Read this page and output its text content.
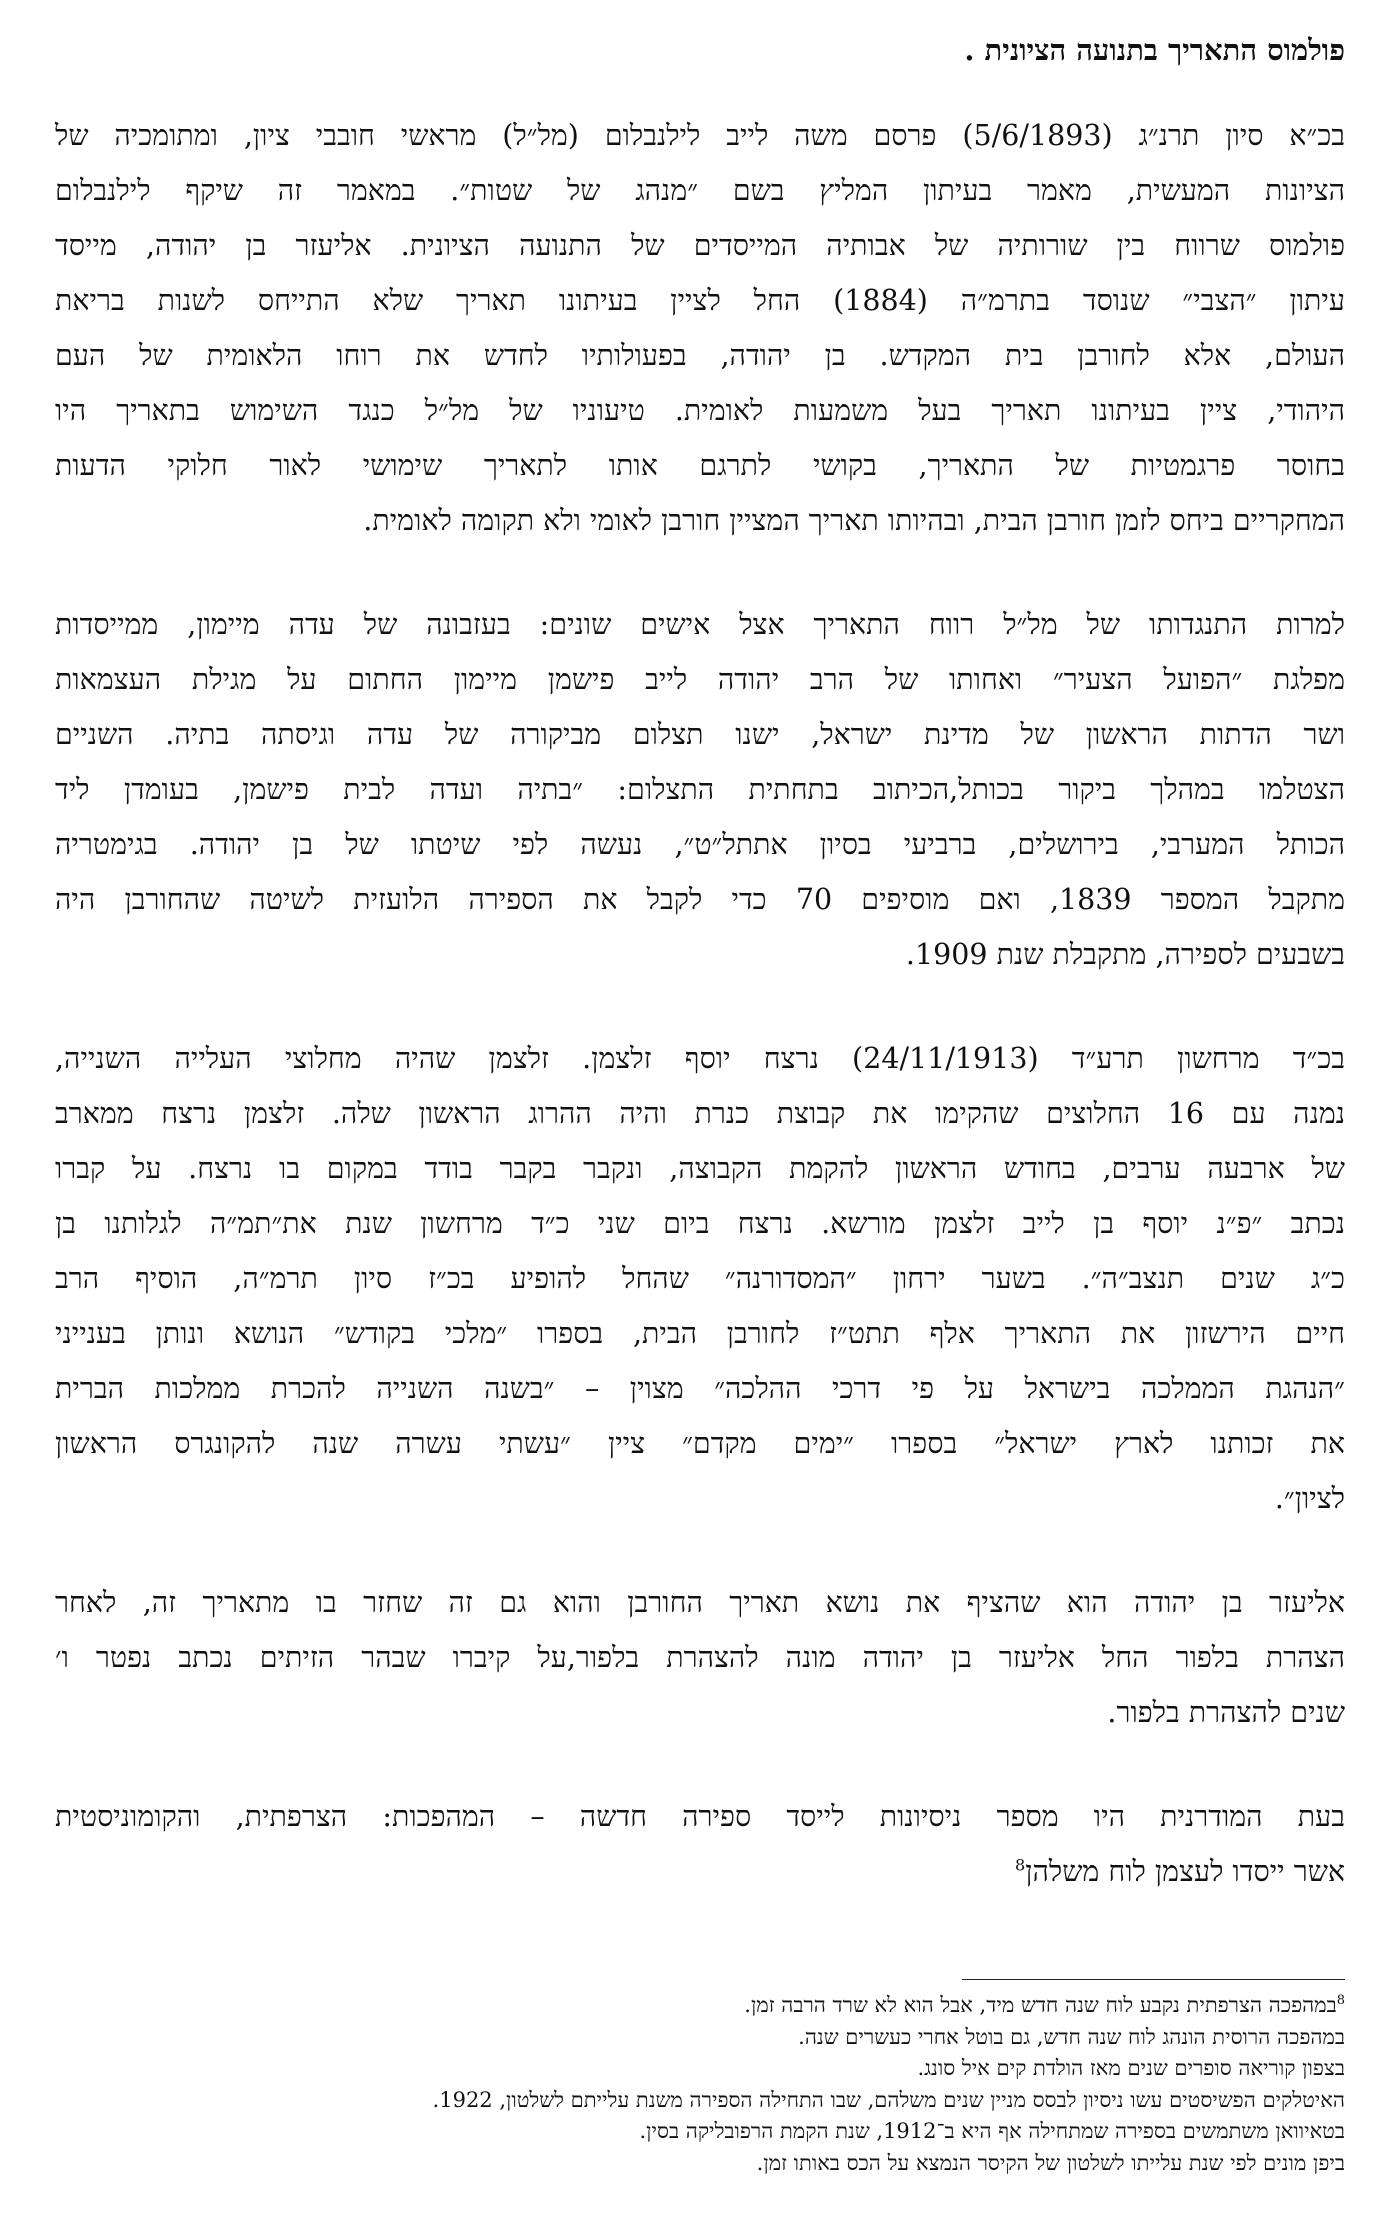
פולמוס התאריך בתנועה הציונית .
בכ״א סיון תרנ״ג (5/6/1893) פרסם משה לייב לילנבלום (מל״ל) מראשי חובבי ציון, ומתומכיה של
הציונות המעשית, מאמר בעיתון המליץ בשם ״מנהג של שטות״. במאמר זה שיקף לילנבלום
פולמוס שרווח בין שורותיה של אבותיה המייסדים של התנועה הציונית. אליעזר בן יהודה, מייסד
עיתון ״הצבי״ שנוסד בתרמ״ה (1884) החל לציין בעיתונו תאריך שלא התייחס לשנות בריאת
העולם, אלא לחורבן בית המקדש. בן יהודה, בפעולותיו לחדש את רוחו הלאומית של העם
היהודי, ציין בעיתונו תאריך בעל משמעות לאומית. טיעוניו של מל״ל כנגד השימוש בתאריך היו
בחוסר פרגמטיות של התאריך, בקושי לתרגם אותו לתאריך שימושי לאור חלוקי הדעות
המחקריים ביחס לזמן חורבן הבית, ובהיותו תאריך המציין חורבן לאומי ולא תקומה לאומית.
למרות התנגדותו של מל״ל רווח התאריך אצל אישים שונים: בעזבונה של עדה מיימון, ממייסדות
מפלגת ״הפועל הצעיר״ ואחותו של הרב יהודה לייב פישמן מיימון החתום על מגילת העצמאות
ושר הדתות הראשון של מדינת ישראל, ישנו תצלום מביקורה של עדה וגיסתה בתיה. השניים
הצטלמו במהלך ביקור בכותל,הכיתוב בתחתית התצלום: ״בתיה ועדה לבית פישמן, בעומדן ליד
הכותל המערבי, בירושלים, ברביעי בסיון אתתל״ט״, נעשה לפי שיטתו של בן יהודה. בגימטריה
מתקבל המספר 1839, ואם מוסיפים 70 כדי לקבל את הספירה הלועזית לשיטה שהחורבן היה
בשבעים לספירה, מתקבלת שנת 1909.
בכ״ד מרחשון תרע״ד (24/11/1913) נרצח יוסף זלצמן. זלצמן שהיה מחלוצי העלייה השנייה,
נמנה עם 16 החלוצים שהקימו את קבוצת כנרת והיה ההרוג הראשון שלה. זלצמן נרצח ממארב
של ארבעה ערבים, בחודש הראשון להקמת הקבוצה, ונקבר בקבר בודד במקום בו נרצח. על קברו
נכתב ״פ״נ יוסף בן לייב זלצמן מורשא. נרצח ביום שני כ״ד מרחשון שנת את״תמ״ה לגלותנו בן
כ״ג שנים תנצב״ה״. בשער ירחון ״המסדורנה״ שהחל להופיע בכ״ז סיון תרמ״ה, הוסיף הרב
חיים הירשזון את התאריך אלף תתט״ז לחורבן הבית, בספרו ״מלכי בקודש״ הנושא ונותן בענייני
״הנהגת הממלכה בישראל על פי דרכי ההלכה״ מצוין – ״בשנה השנייה להכרת ממלכות הברית
את זכותנו לארץ ישראל״ בספרו ״ימים מקדם״ ציין ״עשתי עשרה שנה להקונגרס הראשון
לציון״.
אליעזר בן יהודה הוא שהציף את נושא תאריך החורבן והוא גם זה שחזר בו מתאריך זה, לאחר
הצהרת בלפור החל אליעזר בן יהודה מונה להצהרת בלפור,על קיברו שבהר הזיתים נכתב נפטר ו׳
שנים להצהרת בלפור.
בעת המודרנית היו מספר ניסיונות לייסד ספירה חדשה – המהפכות: הצרפתית, והקומוניסטית
אשר ייסדו לעצמן לוח משלהן$^8$
$^8$במהפכה הצרפתית נקבע לוח שנה חדש מיד, אבל הוא לא שרד הרבה זמן.
במהפכה הרוסית הונהג לוח שנה חדש, גם בוטל אחרי כעשרים שנה.
בצפון קוריאה סופרים שנים מאז הולדת קים איל סונג.
האיטלקים הפשיסטים עשו ניסיון לבסס מניין שנים משלהם, שבו התחילה הספירה משנת עלייתם לשלטון, 1922.
בטאיוואן משתמשים בספירה שמתחילה אף היא ב־1912, שנת הקמת הרפובליקה בסין.
ביפן מונים לפי שנת עלייתו לשלטון של הקיסר הנמצא על הכס באותו זמן.
